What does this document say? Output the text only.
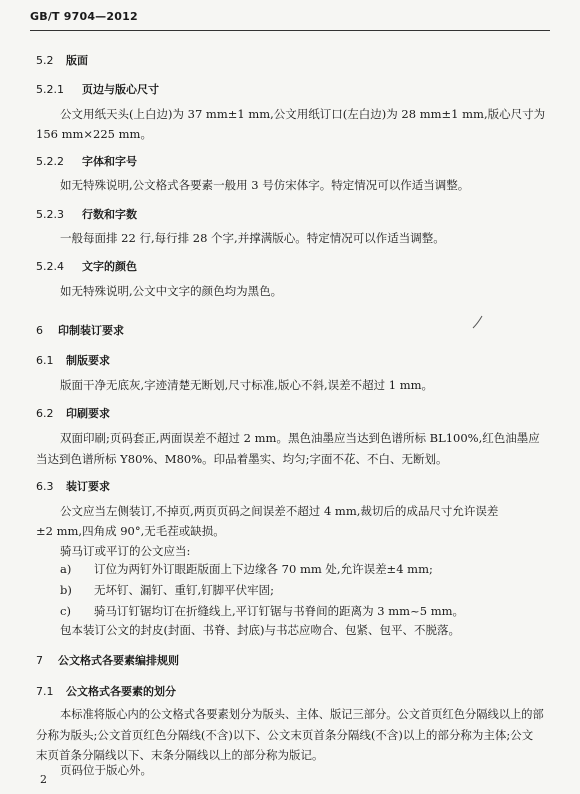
GB/T 9704—2012
5.2 版面
5.2.1 页边与版心尺寸
公文用纸天头(上白边)为 37 mm±1 mm,公文用纸订口(左白边)为 28 mm±1 mm,版心尺寸为
156 mm×225 mm。
5.2.2 字体和字号
如无特殊说明,公文格式各要素一般用 3 号仿宋体字。特定情况可以作适当调整。
5.2.3 行数和字数
一般每面排 22 行,每行排 28 个字,并撑满版心。特定情况可以作适当调整。
5.2.4 文字的颜色
如无特殊说明,公文中文字的颜色均为黑色。
6 印制装订要求
6.1 制版要求
版面干净无底灰,字迹清楚无断划,尺寸标准,版心不斜,误差不超过 1 mm。
6.2 印刷要求
双面印刷;页码套正,两面误差不超过 2 mm。黑色油墨应当达到色谱所标 BL100%,红色油墨应
当达到色谱所标 Y80%、M80%。印品着墨实、均匀;字面不花、不白、无断划。
6.3 装订要求
公文应当左侧装订,不掉页,两页页码之间误差不超过 4 mm,裁切后的成品尺寸允许误差
±2 mm,四角成 90°,无毛茬或缺损。
骑马订或平订的公文应当:
a) 订位为两钉外订眼距版面上下边缘各 70 mm 处,允许误差±4 mm;
b) 无坏钉、漏钉、重钉,钉脚平伏牢固;
c) 骑马订钉锯均订在折缝线上,平订钉锯与书脊间的距离为 3 mm~5 mm。
包本装订公文的封皮(封面、书脊、封底)与书芯应吻合、包紧、包平、不脱落。
7 公文格式各要素编排规则
7.1 公文格式各要素的划分
本标准将版心内的公文格式各要素划分为版头、主体、版记三部分。公文首页红色分隔线以上的部
分称为版头;公文首页红色分隔线(不含)以下、公文末页首条分隔线(不含)以上的部分称为主体;公文
末页首条分隔线以下、末条分隔线以上的部分称为版记。
页码位于版心外。
2
